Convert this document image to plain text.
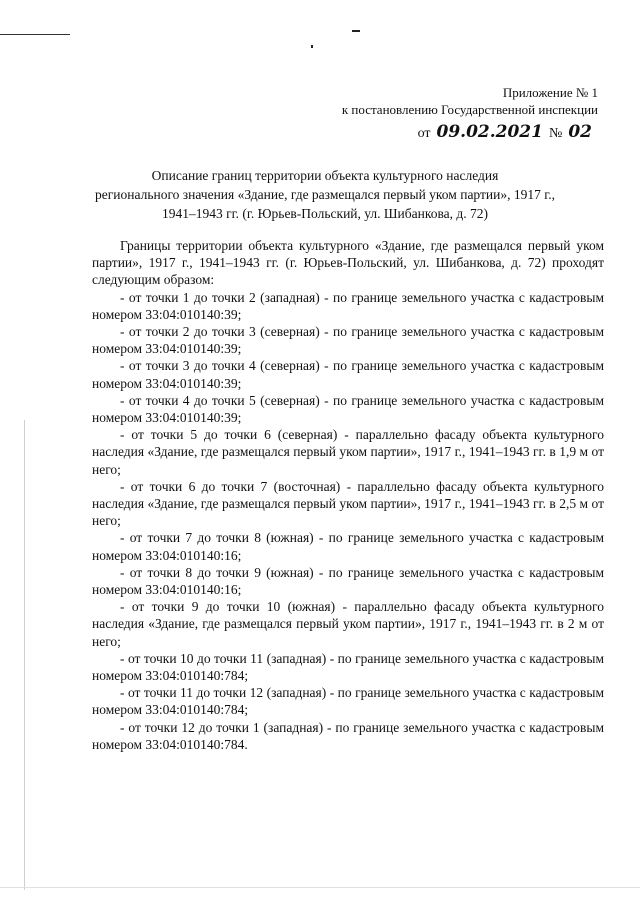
Приложение № 1
к постановлению Государственной инспекции
от 09.02.2021 № 02
Описание границ территории объекта культурного наследия
регионального значения «Здание, где размещался первый уком партии», 1917 г.,
1941–1943 гг. (г. Юрьев-Польский, ул. Шибанкова, д. 72)

Границы территории объекта культурного «Здание, где размещался первый уком партии», 1917 г., 1941–1943 гг. (г. Юрьев-Польский, ул. Шибанкова, д. 72) проходят следующим образом:

- от точки 1 до точки 2 (западная) - по границе земельного участка с кадастровым номером 33:04:010140:39;

- от точки 2 до точки 3 (северная) - по границе земельного участка с кадастровым номером 33:04:010140:39;

- от точки 3 до точки 4 (северная) - по границе земельного участка с кадастровым номером 33:04:010140:39;

- от точки 4 до точки 5 (северная) - по границе земельного участка с кадастровым номером 33:04:010140:39;

- от точки 5 до точки 6 (северная) - параллельно фасаду объекта культурного наследия «Здание, где размещался первый уком партии», 1917 г., 1941–1943 гг. в 1,9 м от него;

- от точки 6 до точки 7 (восточная) - параллельно фасаду объекта культурного наследия «Здание, где размещался первый уком партии», 1917 г., 1941–1943 гг. в 2,5 м от него;

- от точки 7 до точки 8 (южная) - по границе земельного участка с кадастровым номером 33:04:010140:16;

- от точки 8 до точки 9 (южная) - по границе земельного участка с кадастровым номером 33:04:010140:16;

- от точки 9 до точки 10 (южная) - параллельно фасаду объекта культурного наследия «Здание, где размещался первый уком партии», 1917 г., 1941–1943 гг. в 2 м от него;

- от точки 10 до точки 11 (западная) - по границе земельного участка с кадастровым номером 33:04:010140:784;

- от точки 11 до точки 12 (западная) - по границе земельного участка с кадастровым номером 33:04:010140:784;

- от точки 12 до точки 1 (западная) - по границе земельного участка с кадастровым номером 33:04:010140:784.
